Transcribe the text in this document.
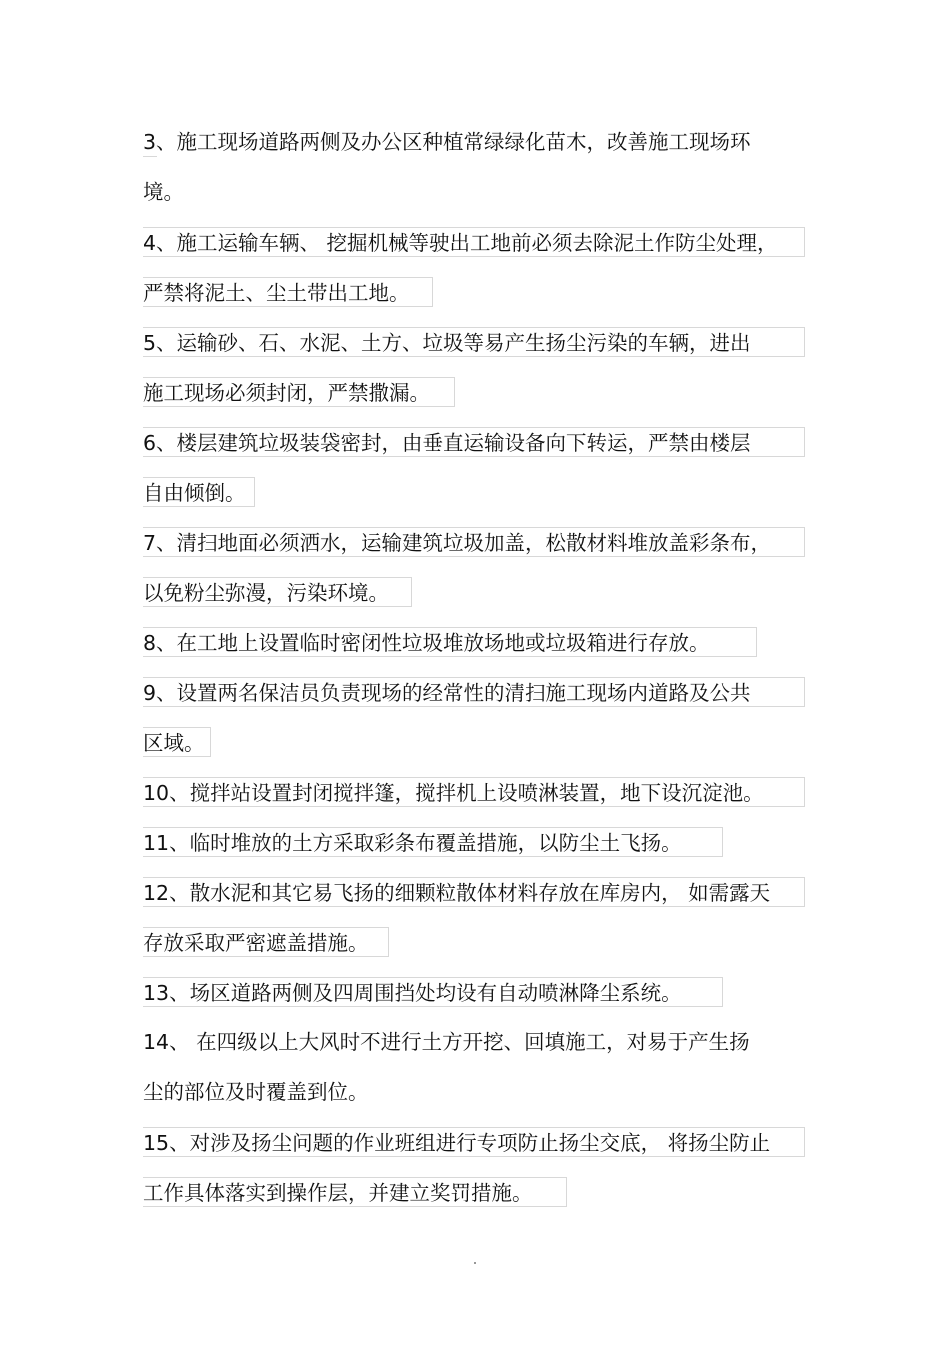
3、施工现场道路两侧及办公区种植常绿绿化苗木，改善施工现场环
境。
4、施工运输车辆、 挖掘机械等驶出工地前必须去除泥土作防尘处理，
严禁将泥土、尘土带出工地。
5、运输砂、石、水泥、土方、垃圾等易产生扬尘污染的车辆，进出
施工现场必须封闭，严禁撒漏。
6、楼层建筑垃圾装袋密封，由垂直运输设备向下转运，严禁由楼层
自由倾倒。
7、清扫地面必须洒水，运输建筑垃圾加盖，松散材料堆放盖彩条布，
以免粉尘弥漫，污染环境。
8、在工地上设置临时密闭性垃圾堆放场地或垃圾箱进行存放。
9、设置两名保洁员负责现场的经常性的清扫施工现场内道路及公共
区域。
10、搅拌站设置封闭搅拌篷，搅拌机上设喷淋装置，地下设沉淀池。
11、临时堆放的土方采取彩条布覆盖措施，以防尘土飞扬。
12、散水泥和其它易飞扬的细颗粒散体材料存放在库房内， 如需露天
存放采取严密遮盖措施。
13、场区道路两侧及四周围挡处均设有自动喷淋降尘系统。
14、 在四级以上大风时不进行土方开挖、回填施工，对易于产生扬
尘的部位及时覆盖到位。
15、对涉及扬尘问题的作业班组进行专项防止扬尘交底， 将扬尘防止
工作具体落实到操作层，并建立奖罚措施。
